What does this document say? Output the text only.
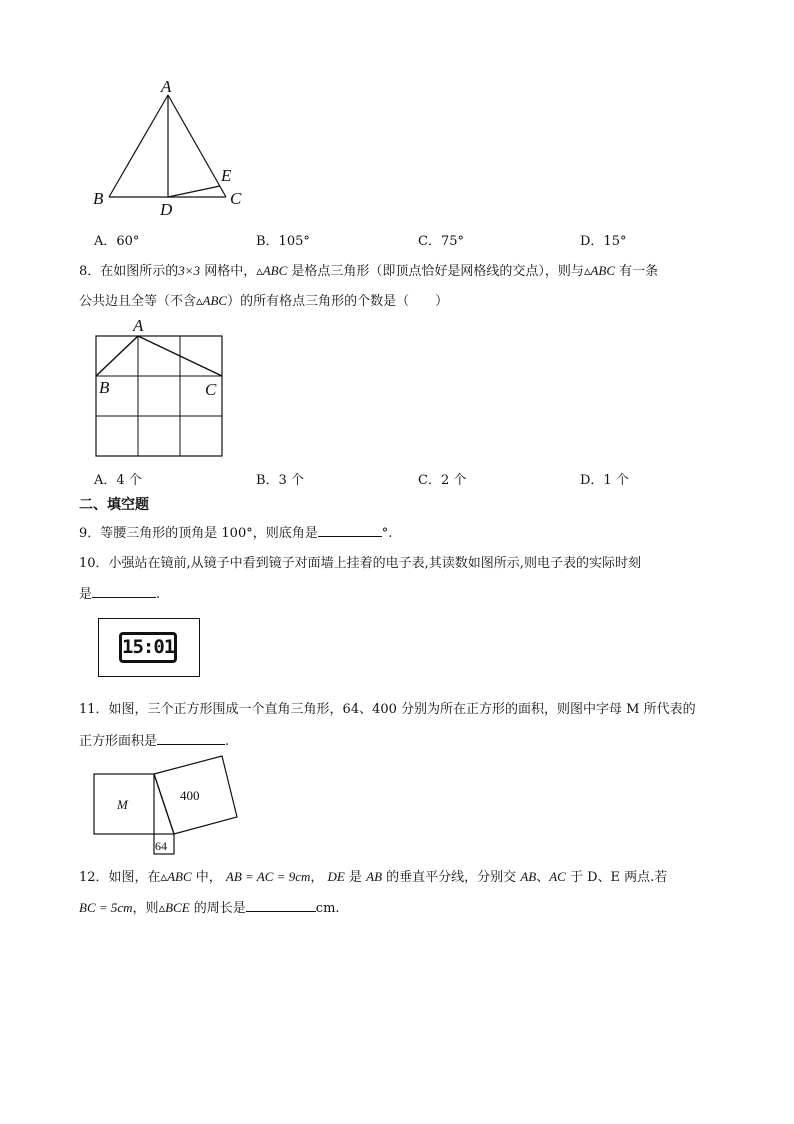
A
B
D
E
C
A．60°	B．105°	C．75°	D．15°
8．在如图所示的3×3 网格中，▵ABC 是格点三角形（即顶点恰好是网格线的交点），则与▵ABC 有一条
公共边且全等（不含▵ABC）的所有格点三角形的个数是（　　）
A
B	C
A．4 个	B．3 个	C．2 个	D．1 个
二、填空题
9．等腰三角形的顶角是 100°，则底角是	°.
10．小强站在镜前,从镜子中看到镜子对面墙上挂着的电子表,其读数如图所示,则电子表的实际时刻
是	.
15:01
11．如图，三个正方形围成一个直角三角形，64、400 分别为所在正方形的面积，则图中字母 M 所代表的
正方形面积是	.
M
400
64
12．如图，在▵ABC 中， AB = AC = 9cm， DE 是 AB 的垂直平分线，分别交 AB、AC 于 D、E 两点.若
BC = 5cm，则▵BCE 的周长是	cm.
